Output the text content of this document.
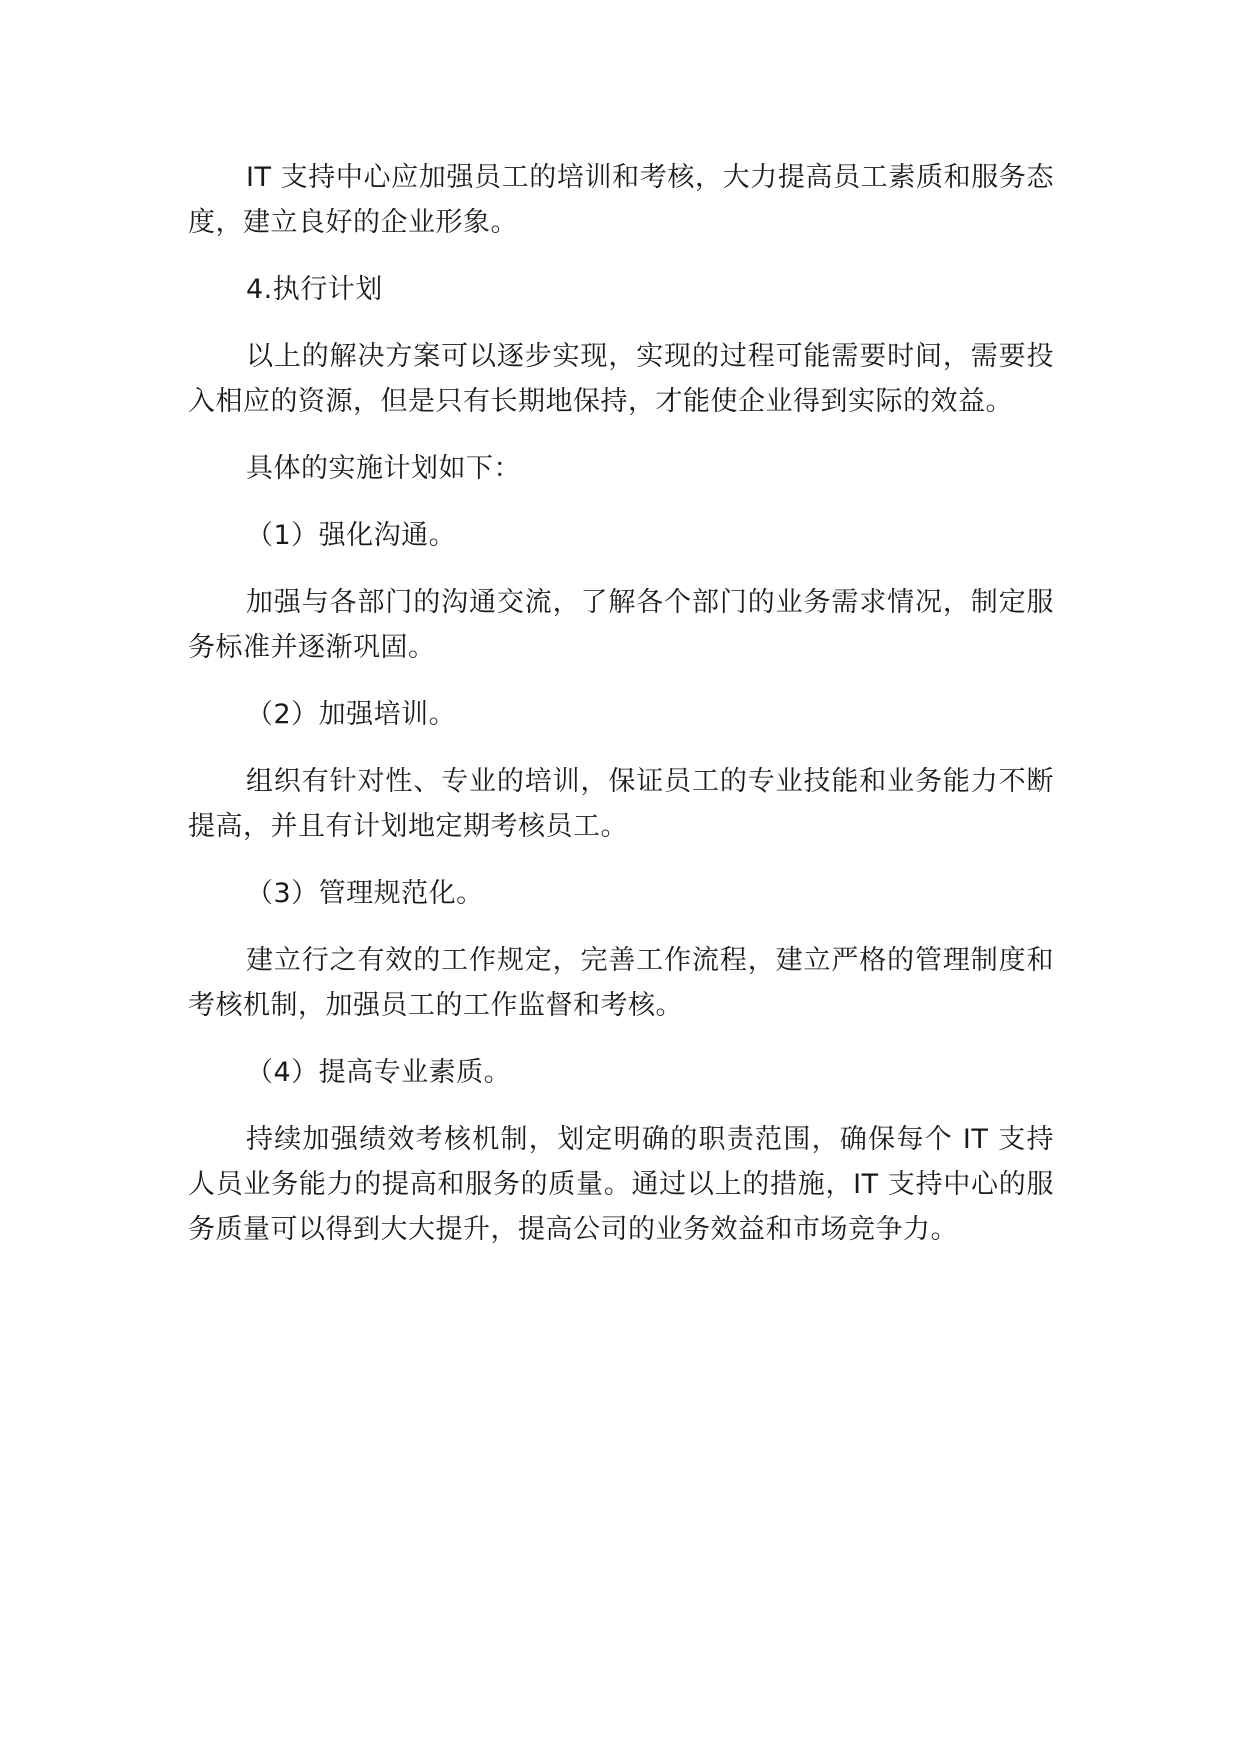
IT 支持中心应加强员工的培训和考核，大力提高员工素质和服务态度，建立良好的企业形象。

4.执行计划

以上的解决方案可以逐步实现，实现的过程可能需要时间，需要投入相应的资源，但是只有长期地保持，才能使企业得到实际的效益。

具体的实施计划如下：

（1）强化沟通。

加强与各部门的沟通交流，了解各个部门的业务需求情况，制定服务标准并逐渐巩固。

（2）加强培训。

组织有针对性、专业的培训，保证员工的专业技能和业务能力不断提高，并且有计划地定期考核员工。

（3）管理规范化。

建立行之有效的工作规定，完善工作流程，建立严格的管理制度和考核机制，加强员工的工作监督和考核。

（4）提高专业素质。

持续加强绩效考核机制，划定明确的职责范围，确保每个 IT 支持人员业务能力的提高和服务的质量。通过以上的措施，IT 支持中心的服务质量可以得到大大提升，提高公司的业务效益和市场竞争力。
